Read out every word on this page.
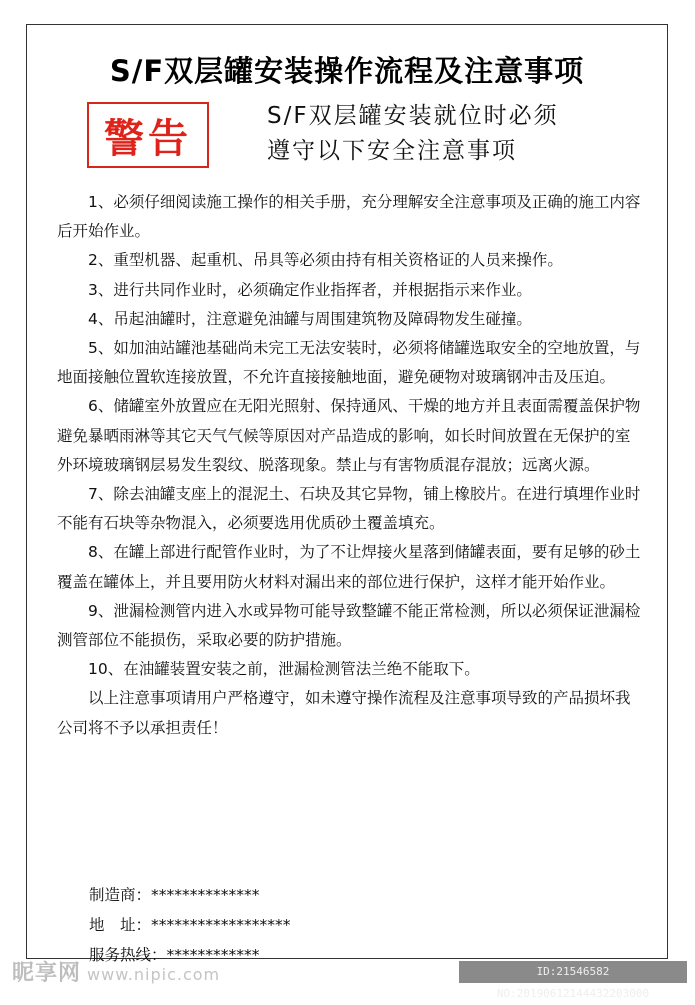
S/F双层罐安装操作流程及注意事项
警告	S/F双层罐安装就位时必须
遵守以下安全注意事项

1、必须仔细阅读施工操作的相关手册，充分理解安全注意事项及正确的施工内容后开始作业。

2、重型机器、起重机、吊具等必须由持有相关资格证的人员来操作。

3、进行共同作业时，必须确定作业指挥者，并根据指示来作业。

4、吊起油罐时，注意避免油罐与周围建筑物及障碍物发生碰撞。

5、如加油站罐池基础尚未完工无法安装时，必须将储罐选取安全的空地放置，与地面接触位置软连接放置，不允许直接接触地面，避免硬物对玻璃钢冲击及压迫。

6、储罐室外放置应在无阳光照射、保持通风、干燥的地方并且表面需覆盖保护物避免暴晒雨淋等其它天气气候等原因对产品造成的影响，如长时间放置在无保护的室外环境玻璃钢层易发生裂纹、脱落现象。禁止与有害物质混存混放；远离火源。

7、除去油罐支座上的混泥土、石块及其它异物，铺上橡胶片。在进行填埋作业时不能有石块等杂物混入，必须要选用优质砂土覆盖填充。

8、在罐上部进行配管作业时，为了不让焊接火星落到储罐表面，要有足够的砂土覆盖在罐体上，并且要用防火材料对漏出来的部位进行保护，这样才能开始作业。

9、泄漏检测管内进入水或异物可能导致整罐不能正常检测，所以必须保证泄漏检测管部位不能损伤，采取必要的防护措施。

10、在油罐装置安装之前，泄漏检测管法兰绝不能取下。

以上注意事项请用户严格遵守，如未遵守操作流程及注意事项导致的产品损坏我公司将不予以承担责任！

制造商：**************
地　址：******************
服务热线：************
昵享网 www.nipic.com	ID:21546582 NO:20190612144432203000
